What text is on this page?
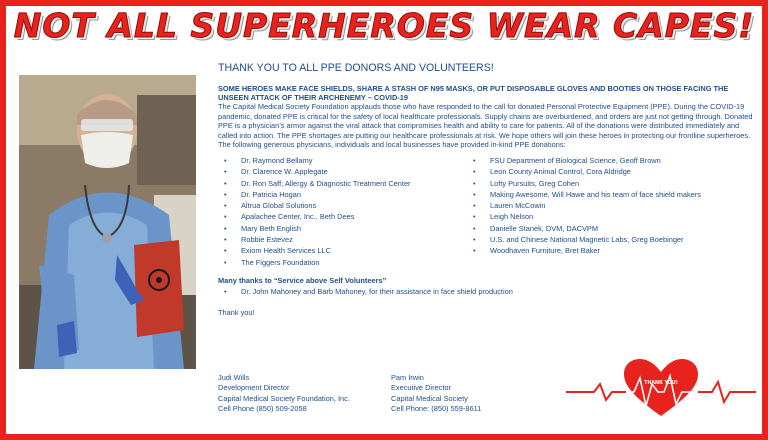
NOT ALL SUPERHEROES WEAR CAPES!
THANK YOU TO ALL PPE DONORS AND VOLUNTEERS!

SOME HEROES MAKE FACE SHIELDS, SHARE A STASH OF N95 MASKS, OR PUT DISPOSABLE GLOVES AND BOOTIES ON THOSE FACING THE UNSEEN ATTACK OF THEIR ARCHENEMY – COVID-19

The Capital Medical Society Foundation applauds those who have responded to the call for donated Personal Protective Equipment (PPE). During the COVID-19 pandemic, donated PPE is critical for the safety of local healthcare professionals. Supply chains are overburdened, and orders are just not getting through. Donated PPE is a physician’s armor against the viral attack that compromises health and ability to care for patients. All of the donations were distributed immediately and called into action. The PPE shortages are putting our healthcare professionals at risk. We hope others will join these heroes in protecting our frontline superheroes. The following generous physicians, individuals and local businesses have provided in-kind PPE donations:

• Dr. Raymond Bellamy
• Dr. Clarence W. Applegate
• Dr. Ron Saff, Allergy & Diagnostic Treatment Center
• Dr. Patricia Hogan
• Altrua Global Solutions
• Apalachee Center, Inc., Beth Dees
• Mary Beth English
• Robbie Estevez
• Exiom Health Services LLC
• The Figgers Foundation
• FSU Department of Biological Science, Geoff Brown
• Leon County Animal Control, Cora Aldridge
• Lofty Pursuits, Greg Cohen
• Making Awesome, Will Hawe and his team of face shield makers
• Lauren McCowin
• Leigh Nelson
• Danielle Stanek, DVM, DACVPM
• U.S. and Chinese National Magnetic Labs, Greg Boebinger
• Woodhaven Furniture, Bret Baker
Many thanks to “Service above Self Volunteers”
• Dr. John Mahoney and Barb Mahoney, for their assistance in face shield production
Thank you!
Judi Wills
Development Director
Capital Medical Society Foundation, Inc.
Cell Phone (850) 509-2058
Pam Irwin
Executive Director
Capital Medical Society
Cell Phone: (850) 559-8611
THANK YOU!
